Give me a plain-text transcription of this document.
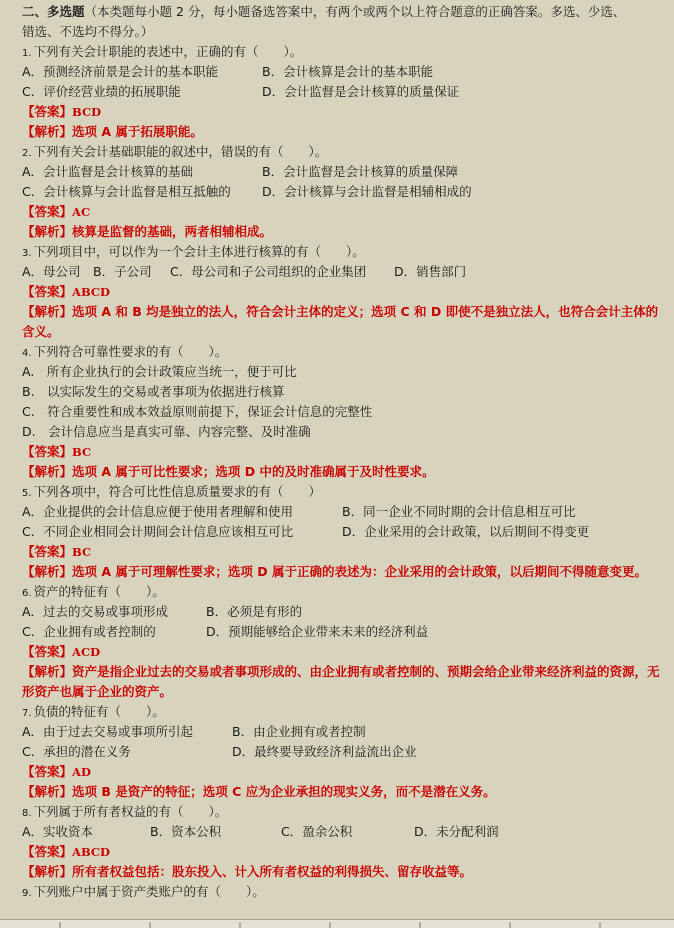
二、多选题（本类题每小题 2 分，每小题备选答案中，有两个或两个以上符合题意的正确答案。多选、少选、
错选、不选均不得分。）
1. 下列有关会计职能的表述中，正确的有（　　）。
A．预测经济前景是会计的基本职能	B．会计核算是会计的基本职能
C．评价经营业绩的拓展职能	D．会计监督是会计核算的质量保证
【答案】BCD
【解析】选项 A 属于拓展职能。
2. 下列有关会计基础职能的叙述中，错误的有（　　）。
A．会计监督是会计核算的基础	B．会计监督是会计核算的质量保障
C．会计核算与会计监督是相互抵触的	D．会计核算与会计监督是相辅相成的
【答案】AC
【解析】核算是监督的基础，两者相辅相成。
3. 下列项目中，可以作为一个会计主体进行核算的有（　　）。
A．母公司 B．子公司 C．母公司和子公司组织的企业集团 D．销售部门
【答案】ABCD
【解析】选项 A 和 B 均是独立的法人，符合会计主体的定义；选项 C 和 D 即使不是独立法人，也符合会计主体的含义。
4. 下列符合可靠性要求的有（　　）。
A.　所有企业执行的会计政策应当统一，便于可比
B.　以实际发生的交易或者事项为依据进行核算
C.　符合重要性和成本效益原则前提下，保证会计信息的完整性
D.　会计信息应当是真实可靠、内容完整、及时准确
【答案】BC
【解析】选项 A 属于可比性要求；选项 D 中的及时准确属于及时性要求。
5. 下列各项中，符合可比性信息质量要求的有（　　）
A．企业提供的会计信息应便于使用者理解和使用	B．同一企业不同时期的会计信息相互可比
C．不同企业相同会计期间会计信息应该相互可比	D．企业采用的会计政策，以后期间不得变更
【答案】BC
【解析】选项 A 属于可理解性要求；选项 D 属于正确的表述为：企业采用的会计政策，以后期间不得随意变更。
6. 资产的特征有（　　）。
A．过去的交易或事项形成	B．必须是有形的
C．企业拥有或者控制的	D．预期能够给企业带来未来的经济利益
【答案】ACD
【解析】资产是指企业过去的交易或者事项形成的、由企业拥有或者控制的、预期会给企业带来经济利益的资源，无形资产也属于企业的资产。
7. 负债的特征有（　　）。
A．由于过去交易或事项所引起	B．由企业拥有或者控制
C．承担的潜在义务	D．最终要导致经济利益流出企业
【答案】AD
【解析】选项 B 是资产的特征；选项 C 应为企业承担的现实义务，而不是潜在义务。
8. 下列属于所有者权益的有（　　）。
A．实收资本	B．资本公积	C．盈余公积	D．未分配利润
【答案】ABCD
【解析】所有者权益包括：股东投入、计入所有者权益的利得损失、留存收益等。
9. 下列账户中属于资产类账户的有（　　）。
